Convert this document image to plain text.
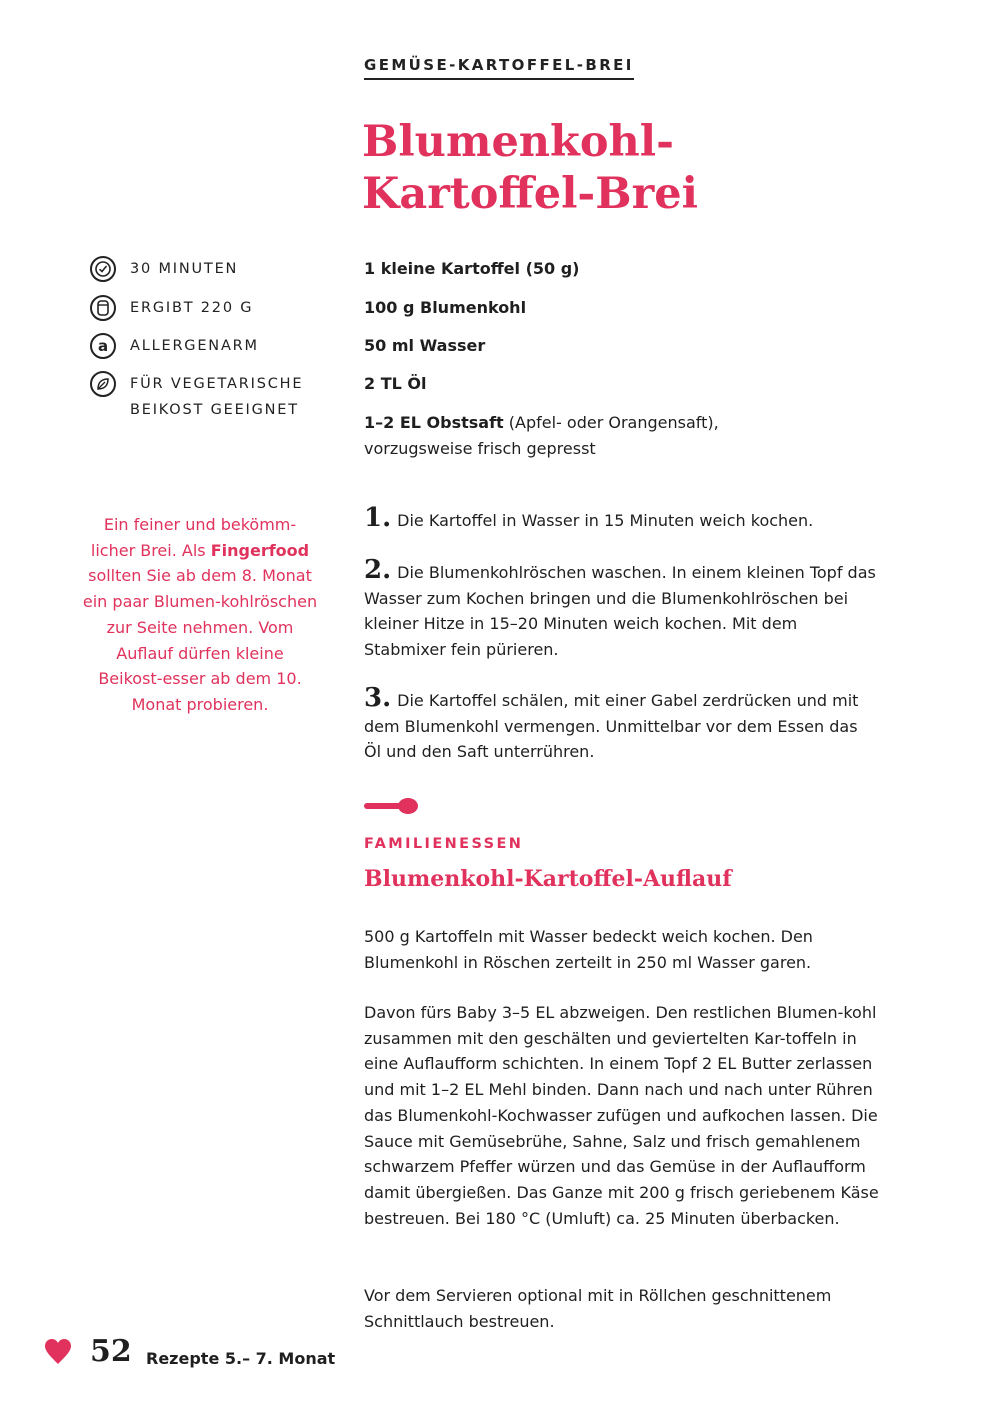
GEMÜSE-KARTOFFEL-BREI
Blumenkohl-
Kartoffel-Brei
30 MINUTEN
ERGIBT 220 G
a ALLERGENARM
FÜR VEGETARISCHE
BEIKOST GEEIGNET
1 kleine Kartoffel (50 g)
100 g Blumenkohl
50 ml Wasser
2 TL Öl
1–2 EL Obstsaft (Apfel- oder Orangensaft),
vorzugsweise frisch gepresst
Ein feiner und bekömm-licher Brei. Als Fingerfood sollten Sie ab dem 8. Monat ein paar Blumen-kohlröschen zur Seite nehmen. Vom Auflauf dürfen kleine Beikost-esser ab dem 10. Monat probieren.
1. Die Kartoffel in Wasser in 15 Minuten weich kochen.
2. Die Blumenkohlröschen waschen. In einem kleinen Topf das Wasser zum Kochen bringen und die Blumenkohlröschen bei kleiner Hitze in 15–20 Minuten weich kochen. Mit dem Stabmixer fein pürieren.
3. Die Kartoffel schälen, mit einer Gabel zerdrücken und mit dem Blumenkohl vermengen. Unmittelbar vor dem Essen das Öl und den Saft unterrühren.
FAMILIENESSEN
Blumenkohl-Kartoffel-Auflauf
500 g Kartoffeln mit Wasser bedeckt weich kochen. Den Blumenkohl in Röschen zerteilt in 250 ml Wasser garen.
Davon fürs Baby 3–5 EL abzweigen. Den restlichen Blumen-kohl zusammen mit den geschälten und geviertelten Kar-toffeln in eine Auflaufform schichten. In einem Topf 2 EL Butter zerlassen und mit 1–2 EL Mehl binden. Dann nach und nach unter Rühren das Blumenkohl-Kochwasser zufügen und aufkochen lassen. Die Sauce mit Gemüsebrühe, Sahne, Salz und frisch gemahlenem schwarzem Pfeffer würzen und das Gemüse in der Auflaufform damit übergießen. Das Ganze mit 200 g frisch geriebenem Käse bestreuen. Bei 180 °C (Umluft) ca. 25 Minuten überbacken.
Vor dem Servieren optional mit in Röllchen geschnittenem Schnittlauch bestreuen.
52 Rezepte 5.– 7. Monat
